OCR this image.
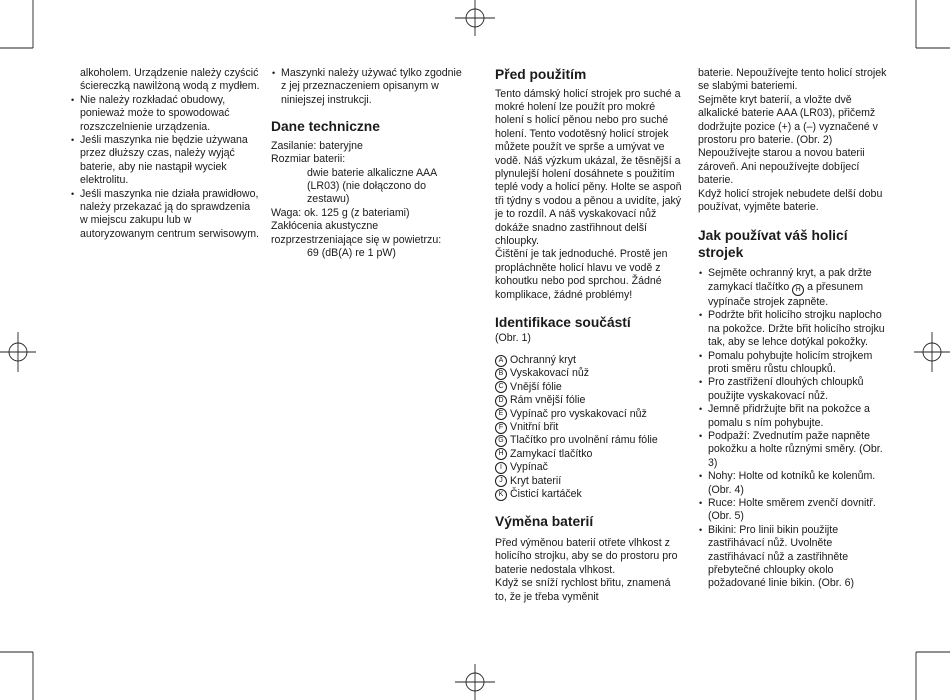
alkoholem. Urządzenie należy czyścić ściereczką nawilżoną wodą z mydłem.

• Nie należy rozkładać obudowy, ponieważ może to spowodować rozszczelnienie urządzenia.
• Jeśli maszynka nie będzie używana przez dłuższy czas, należy wyjąć baterie, aby nie nastąpił wyciek elektrolitu.
• Jeśli maszynka nie działa prawidłowo, należy przekazać ją do sprawdzenia w miejscu zakupu lub w autoryzowanym centrum serwisowym.
• Maszynki należy używać tylko zgodnie z jej przeznaczeniem opisanym w niniejszej instrukcji.
Dane techniczne

Zasilanie: bateryjne

Rozmiar baterii:

dwie baterie alkaliczne AAA (LR03) (nie dołączono do zestawu)

Waga: ok. 125 g (z bateriami)

Zakłócenia akustyczne rozprzestrzeniające się w powietrzu:

69 (dB(A) re 1 pW)

Před použitím

Tento dámský holicí strojek pro suché a mokré holení lze použít pro mokré holení s holicí pěnou nebo pro suché holení. Tento vodotěsný holicí strojek můžete použít ve sprše a umývat ve vodě. Náš výzkum ukázal, že těsnější a plynulejší holení dosáhnete s použitím teplé vody a holicí pěny. Holte se aspoň tři týdny s vodou a pěnou a uvidíte, jaký je to rozdíl. A náš vyskakovací nůž dokáže snadno zastřihnout delší chloupky.

Čištění je tak jednoduché. Prostě jen propláchněte holicí hlavu ve vodě z kohoutku nebo pod sprchou. Žádné komplikace, žádné problémy!

Identifikace součástí

(Obr. 1)

A Ochranný kryt
B Vyskakovací nůž
C Vnější fólie
D Rám vnější fólie
E Vypínač pro vyskakovací nůž
F Vnitřní břit
G Tlačítko pro uvolnění rámu fólie
H Zamykací tlačítko
I Vypínač
J Kryt baterií
K Čisticí kartáček
Výměna baterií

Před výměnou baterií otřete vlhkost z holicího strojku, aby se do prostoru pro baterie nedostala vlhkost.

Když se sníží rychlost břitu, znamená to, že je třeba vyměnit

baterie. Nepoužívejte tento holicí strojek se slabými bateriemi.

Sejměte kryt baterií, a vložte dvě alkalické baterie AAA (LR03), přičemž dodržujte pozice (+) a (–) vyznačené v prostoru pro baterie. (Obr. 2)

Nepoužívejte starou a novou baterii zároveň. Ani nepoužívejte dobíjecí baterie.

Když holicí strojek nebudete delší dobu používat, vyjměte baterie.

Jak používat váš holicí strojek
• Sejměte ochranný kryt, a pak držte zamykací tlačítko H a přesunem vypínače strojek zapněte.
• Podržte břit holicího strojku naplocho na pokožce. Držte břit holicího strojku tak, aby se lehce dotýkal pokožky.
• Pomalu pohybujte holicím strojkem proti směru růstu chloupků.
• Pro zastřižení dlouhých chloupků použijte vyskakovací nůž.
• Jemně přidržujte břit na pokožce a pomalu s ním pohybujte.
• Podpaží: Zvednutím paže napněte pokožku a holte různými směry. (Obr. 3)
• Nohy: Holte od kotníků ke kolenům. (Obr. 4)
• Ruce: Holte směrem zvenčí dovnitř. (Obr. 5)
• Bikini: Pro linii bikin použijte zastřihávací nůž. Uvolněte zastřihávací nůž a zastřihněte přebytečné chloupky okolo požadované linie bikin. (Obr. 6)
